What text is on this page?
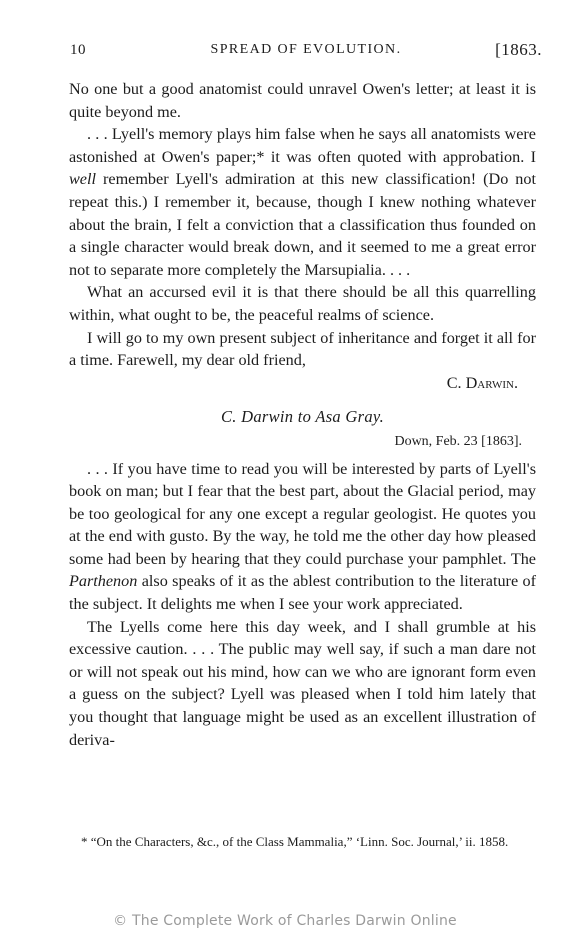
10	SPREAD OF EVOLUTION.	[1863.

No one but a good anatomist could unravel Owen's letter; at least it is quite beyond me.

. . . Lyell's memory plays him false when he says all anatomists were astonished at Owen's paper;* it was often quoted with approbation. I well remember Lyell's admiration at this new classification! (Do not repeat this.) I remember it, because, though I knew nothing whatever about the brain, I felt a conviction that a classification thus founded on a single character would break down, and it seemed to me a great error not to separate more completely the Marsupialia. . . .

What an accursed evil it is that there should be all this quarrelling within, what ought to be, the peaceful realms of science.

I will go to my own present subject of inheritance and forget it all for a time. Farewell, my dear old friend,

C. Darwin.

C. Darwin to Asa Gray.

Down, Feb. 23 [1863].

. . . If you have time to read you will be interested by parts of Lyell's book on man; but I fear that the best part, about the Glacial period, may be too geological for any one except a regular geologist. He quotes you at the end with gusto. By the way, he told me the other day how pleased some had been by hearing that they could purchase your pamphlet. The Parthenon also speaks of it as the ablest contribution to the literature of the subject. It delights me when I see your work appreciated.

The Lyells come here this day week, and I shall grumble at his excessive caution. . . . The public may well say, if such a man dare not or will not speak out his mind, how can we who are ignorant form even a guess on the subject? Lyell was pleased when I told him lately that you thought that language might be used as an excellent illustration of deriva-

* “On the Characters, &c., of the Class Mammalia,” ‘Linn. Soc. Journal,’ ii. 1858.
© The Complete Work of Charles Darwin Online
